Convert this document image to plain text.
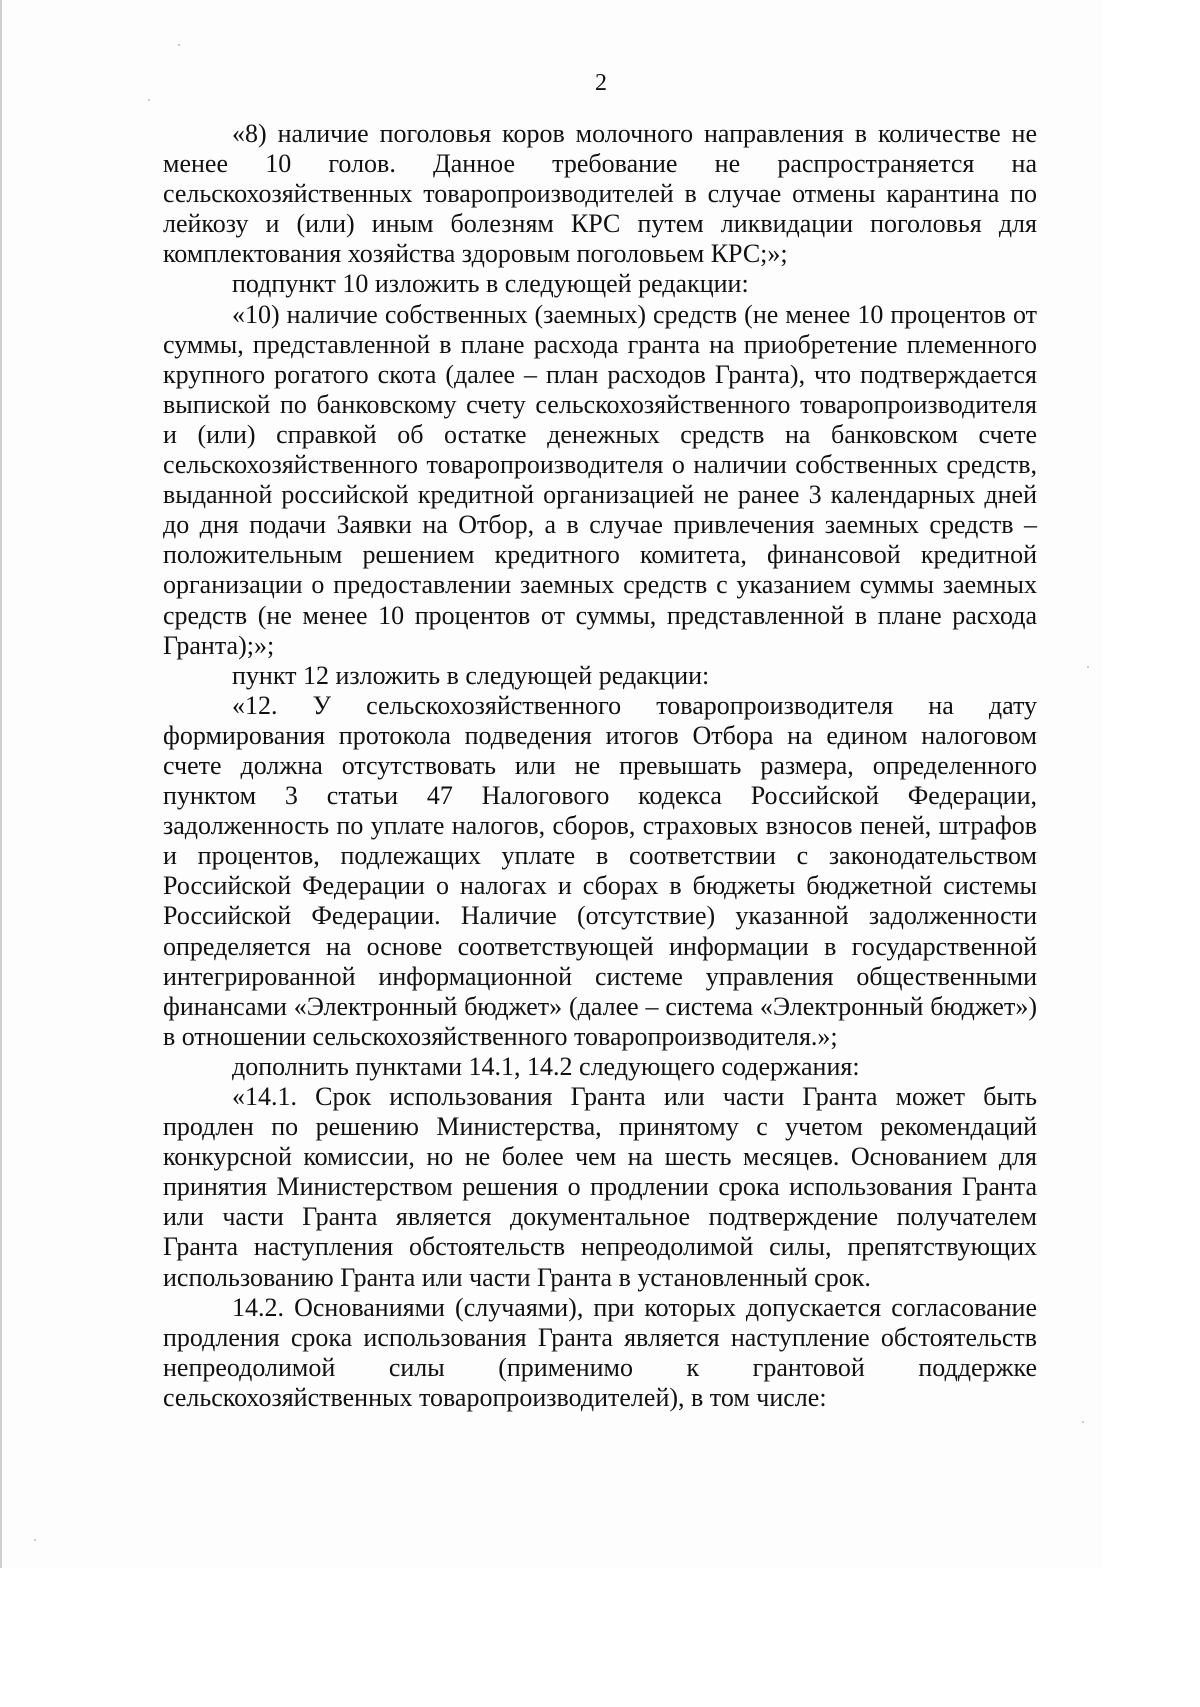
2

«8) наличие поголовья коров молочного направления в количестве не менее 10 голов. Данное требование не распространяется на сельскохозяйственных товаропроизводителей в случае отмены карантина по лейкозу и (или) иным болезням КРС путем ликвидации поголовья для комплектования хозяйства здоровым поголовьем КРС;»;

подпункт 10 изложить в следующей редакции:

«10) наличие собственных (заемных) средств (не менее 10 процентов от суммы, представленной в плане расхода гранта на приобретение племенного крупного рогатого скота (далее – план расходов Гранта), что подтверждается выпиской по банковскому счету сельскохозяйственного товаропроизводителя и (или) справкой об остатке денежных средств на банковском счете сельскохозяйственного товаропроизводителя о наличии собственных средств, выданной российской кредитной организацией не ранее 3 календарных дней до дня подачи Заявки на Отбор, а в случае привлечения заемных средств – положительным решением кредитного комитета, финансовой кредитной организации о предоставлении заемных средств с указанием суммы заемных средств (не менее 10 процентов от суммы, представленной в плане расхода Гранта);»;

пункт 12 изложить в следующей редакции:

«12. У сельскохозяйственного товаропроизводителя на дату формирования протокола подведения итогов Отбора на едином налоговом счете должна отсутствовать или не превышать размера, определенного пунктом 3 статьи 47 Налогового кодекса Российской Федерации, задолженность по уплате налогов, сборов, страховых взносов пеней, штрафов и процентов, подлежащих уплате в соответствии с законодательством Российской Федерации о налогах и сборах в бюджеты бюджетной системы Российской Федерации. Наличие (отсутствие) указанной задолженности определяется на основе соответствующей информации в государственной интегрированной информационной системе управления общественными финансами «Электронный бюджет» (далее – система «Электронный бюджет») в отношении сельскохозяйственного товаропроизводителя.»;

дополнить пунктами 14.1, 14.2 следующего содержания:

«14.1. Срок использования Гранта или части Гранта может быть продлен по решению Министерства, принятому с учетом рекомендаций конкурсной комиссии, но не более чем на шесть месяцев. Основанием для принятия Министерством решения о продлении срока использования Гранта или части Гранта является документальное подтверждение получателем Гранта наступления обстоятельств непреодолимой силы, препятствующих использованию Гранта или части Гранта в установленный срок.

14.2. Основаниями (случаями), при которых допускается согласование продления срока использования Гранта является наступление обстоятельств непреодолимой силы (применимо к грантовой поддержке сельскохозяйственных товаропроизводителей), в том числе:
